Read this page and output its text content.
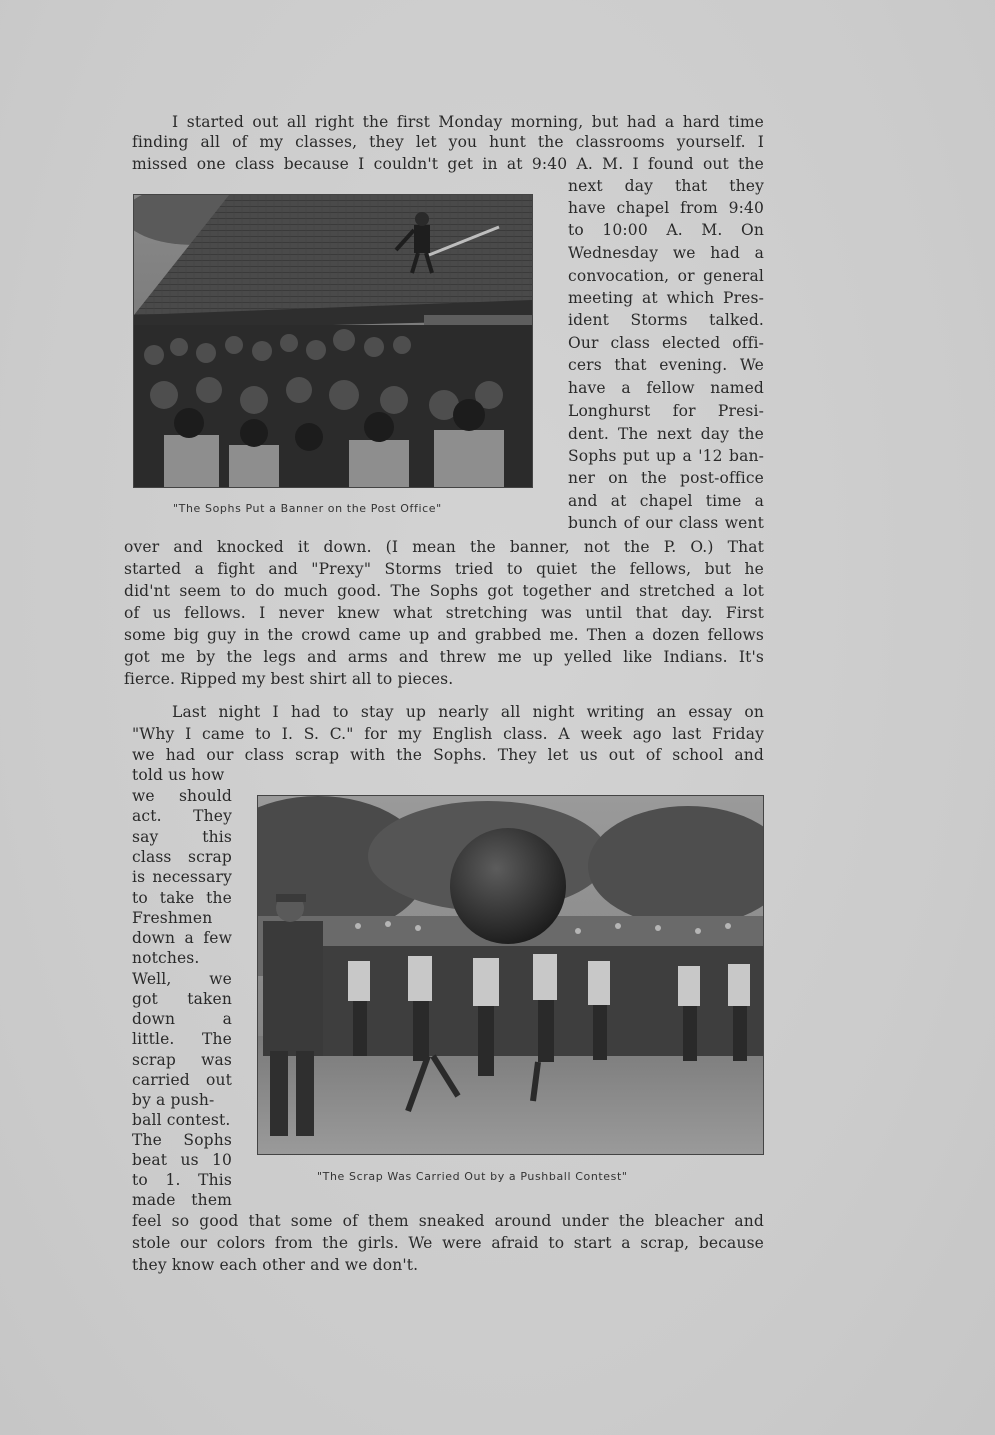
I started out all right the first Monday morning, but had a hard time
finding all of my classes, they let you hunt the classrooms yourself. I
missed one class because I couldn't get in at 9:40 A. M. I found out the
next day that they
have chapel from 9:40
to 10:00 A. M. On
Wednesday we had a
convocation, or general
meeting at which Pres-
ident Storms talked.
Our class elected offi-
cers that evening. We
have a fellow named
Longhurst for Presi-
dent. The next day the
Sophs put up a '12 ban-
ner on the post-office
and at chapel time a
bunch of our class went
over and knocked it down. (I mean the banner, not the P. O.) That
started a fight and "Prexy" Storms tried to quiet the fellows, but he
did'nt seem to do much good. The Sophs got together and stretched a lot
of us fellows. I never knew what stretching was until that day. First
some big guy in the crowd came up and grabbed me. Then a dozen fellows
got me by the legs and arms and threw me up yelled like Indians. It's
fierce. Ripped my best shirt all to pieces.
Last night I had to stay up nearly all night writing an essay on
"Why I came to I. S. C." for my English class. A week ago last Friday
we had our class scrap with the Sophs. They let us out of school and
told us how
we should
act. They
say this
class scrap
is necessary
to take the
Freshmen
down a few
notches.
Well, we
got taken
down a
little. The
scrap was
carried out
by a push-
ball contest.
The Sophs
beat us 10
to 1. This
made them
feel so good that some of them sneaked around under the bleacher and
stole our colors from the girls. We were afraid to start a scrap, because
they know each other and we don't.
"The Sophs Put a Banner on the Post Office"
"The Scrap Was Carried Out by a Pushball Contest"
